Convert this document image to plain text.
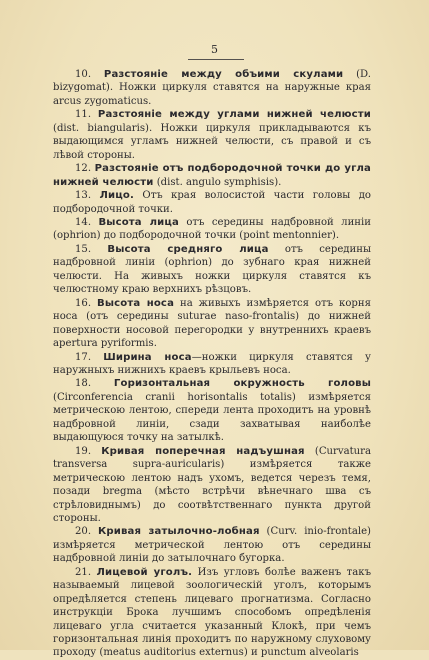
5

10. Разстояніе между объими скулами (D. bizygomat). Ножки циркуля ставятся на наружные края arcus zygomaticus.

11. Разстояніе между углами нижней челюсти (dist. biangularis). Ножки циркуля прикладываются къ выдающимся угламъ нижней челюсти, съ правой и съ лѣвой стороны.

12. Разстояніе отъ подбородочной точки до угла нижней челюсти (dist. angulo symphisis).

13. Лицо. Отъ края волосистой части головы до подбородочной точки.

14. Высота лица отъ середины надбровной линіи (ophrion) до подбородочной точки (point mentonnier).

15. Высота средняго лица отъ середины надбровной линіи (ophrion) до зубнаго края нижней челюсти. На живыхъ ножки циркуля ставятся къ челюстному краю верхнихъ рѣзцовъ.

16. Высота носа на живыхъ измѣряется отъ корня носа (отъ середины suturae naso-frontalis) до нижней поверхности носовой перегородки у внутреннихъ краевъ apertura pyriformis.

17. Ширина носа—ножки циркуля ставятся у наружныхъ нижнихъ краевъ крыльевъ носа.

18. Горизонтальная окружность головы (Circonferencia cranii horisontalis totalis) измѣряется метрическою лентою, спереди лента проходитъ на уровнѣ надбровной линіи, сзади захватывая наиболѣе выдающуюся точку на затылкѣ.

19. Кривая поперечная надъушная (Curvatura transversa supra-auricularis) измѣряется также метрическою лентою надъ ухомъ, ведется черезъ темя, позади bregma (мѣсто встрѣчи вѣнечнаго шва съ стрѣловиднымъ) до соотвѣтственнаго пункта другой стороны.

20. Кривая затылочно-лобная (Curv. inio-frontale) измѣряется метрической лентою отъ середины надбровной линіи до затылочнаго бугорка.

21. Лицевой уголъ. Изъ угловъ болѣе важенъ такъ называемый лицевой зоологическій уголъ, которымъ опредѣляется степень лицеваго прогнатизма. Согласно инструкціи Брока лучшимъ способомъ опредѣленія лицеваго угла считается указанный Клокѣ, при чемъ горизонтальная линія проходитъ по наружному слуховому проходу (meatus auditorius externus) и punctum alveolaris
